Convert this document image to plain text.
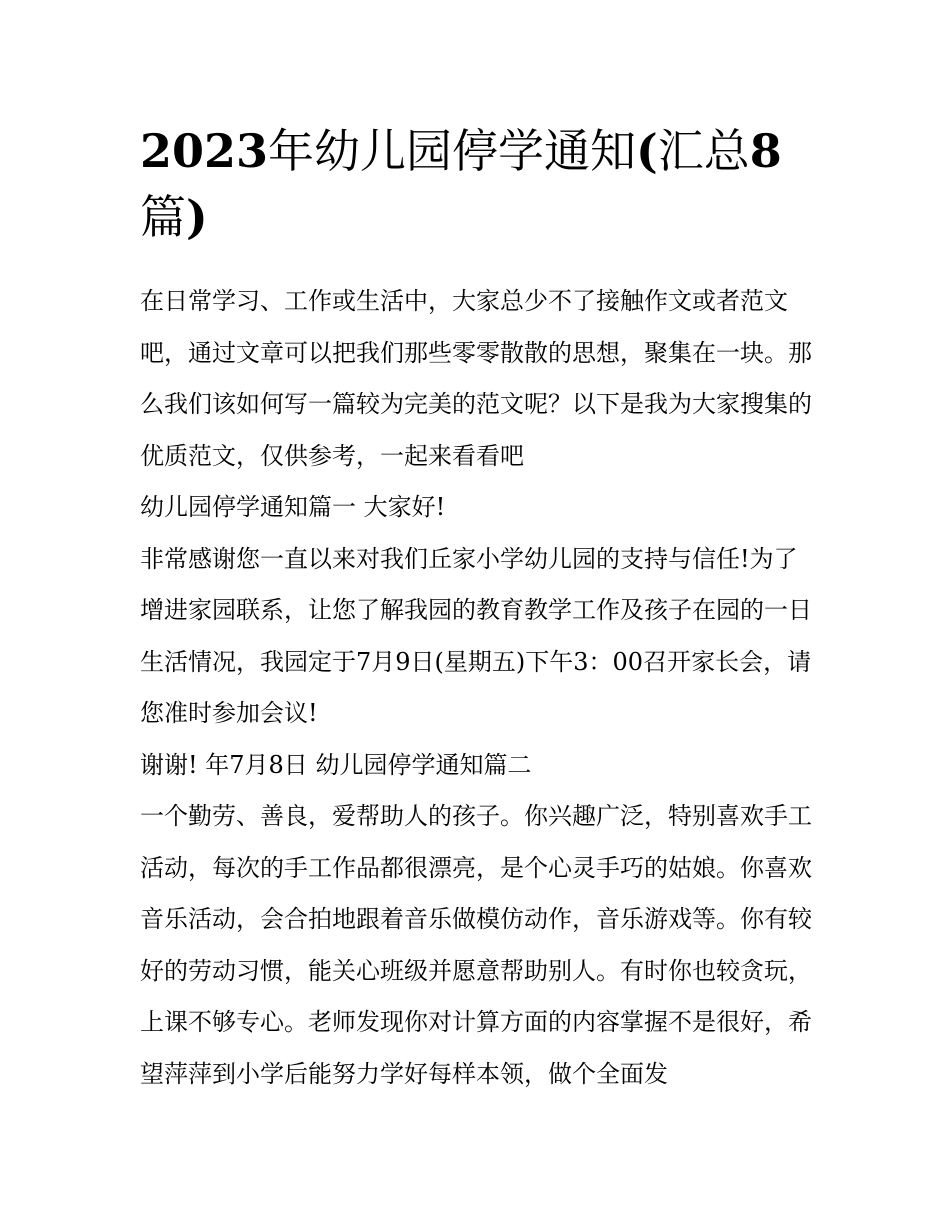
2023年幼儿园停学通知(汇总8
篇)

在日常学习、工作或生活中，大家总少不了接触作文或者范文吧，通过文章可以把我们那些零零散散的思想，聚集在一块。那么我们该如何写一篇较为完美的范文呢？以下是我为大家搜集的优质范文，仅供参考，一起来看看吧

幼儿园停学通知篇一 大家好!

非常感谢您一直以来对我们丘家小学幼儿园的支持与信任!为了增进家园联系，让您了解我园的教育教学工作及孩子在园的一日生活情况，我园定于7月9日(星期五)下午3：00召开家长会，请您准时参加会议!

谢谢! 年7月8日 幼儿园停学通知篇二

一个勤劳、善良，爱帮助人的孩子。你兴趣广泛，特别喜欢手工活动，每次的手工作品都很漂亮，是个心灵手巧的姑娘。你喜欢音乐活动，会合拍地跟着音乐做模仿动作，音乐游戏等。你有较好的劳动习惯，能关心班级并愿意帮助别人。有时你也较贪玩，上课不够专心。老师发现你对计算方面的内容掌握不是很好，希望萍萍到小学后能努力学好每样本领，做个全面发
